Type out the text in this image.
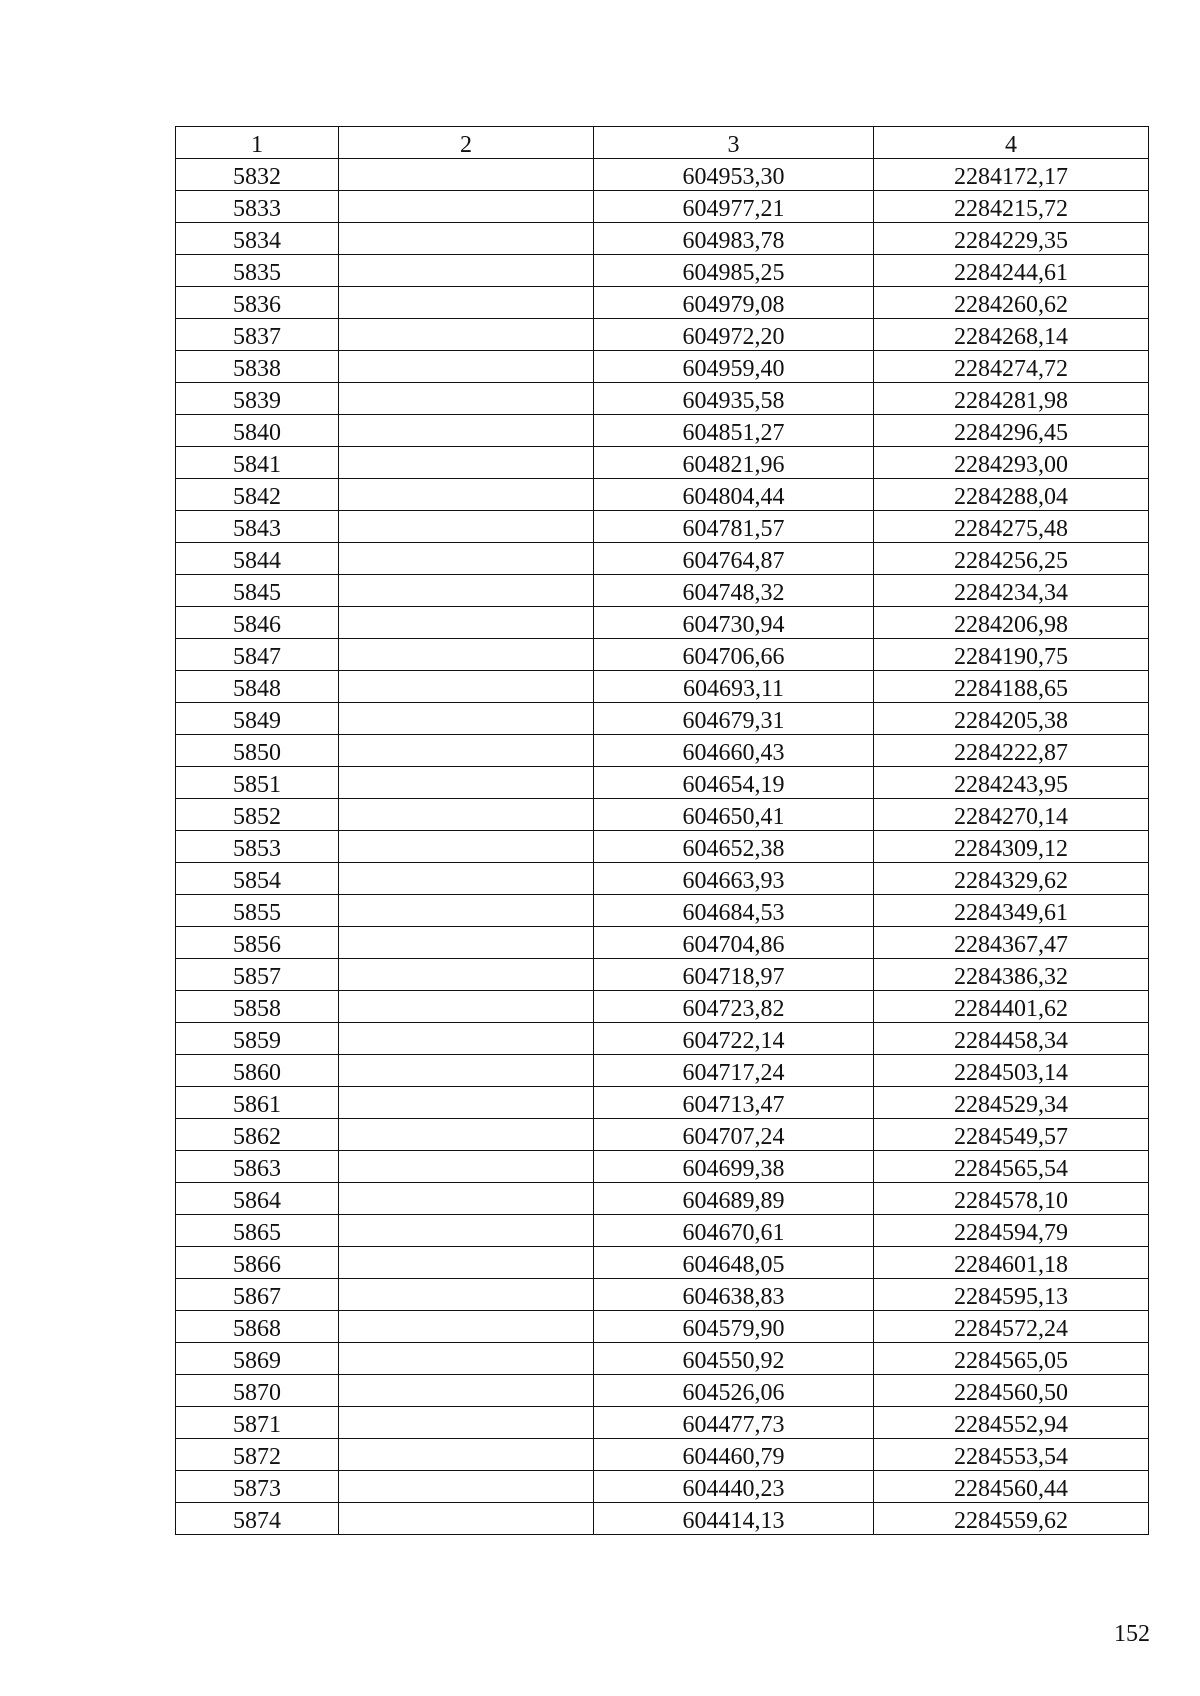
1	2	3	4
5832		604953,30	2284172,17
5833		604977,21	2284215,72
5834		604983,78	2284229,35
5835		604985,25	2284244,61
5836		604979,08	2284260,62
5837		604972,20	2284268,14
5838		604959,40	2284274,72
5839		604935,58	2284281,98
5840		604851,27	2284296,45
5841		604821,96	2284293,00
5842		604804,44	2284288,04
5843		604781,57	2284275,48
5844		604764,87	2284256,25
5845		604748,32	2284234,34
5846		604730,94	2284206,98
5847		604706,66	2284190,75
5848		604693,11	2284188,65
5849		604679,31	2284205,38
5850		604660,43	2284222,87
5851		604654,19	2284243,95
5852		604650,41	2284270,14
5853		604652,38	2284309,12
5854		604663,93	2284329,62
5855		604684,53	2284349,61
5856		604704,86	2284367,47
5857		604718,97	2284386,32
5858		604723,82	2284401,62
5859		604722,14	2284458,34
5860		604717,24	2284503,14
5861		604713,47	2284529,34
5862		604707,24	2284549,57
5863		604699,38	2284565,54
5864		604689,89	2284578,10
5865		604670,61	2284594,79
5866		604648,05	2284601,18
5867		604638,83	2284595,13
5868		604579,90	2284572,24
5869		604550,92	2284565,05
5870		604526,06	2284560,50
5871		604477,73	2284552,94
5872		604460,79	2284553,54
5873		604440,23	2284560,44
5874		604414,13	2284559,62
152
